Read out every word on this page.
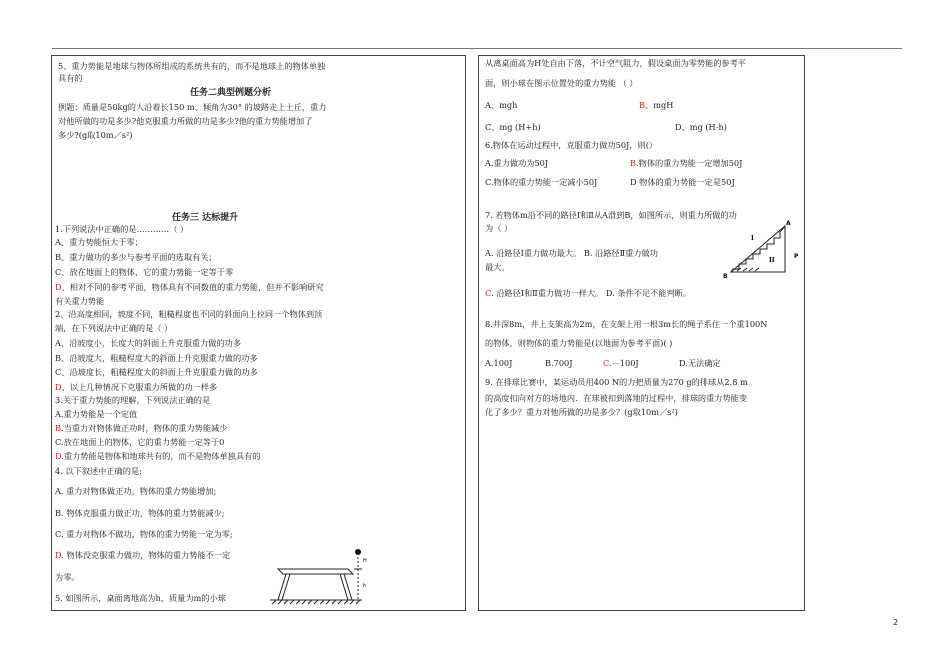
5、重力势能是地球与物体所组成的系统共有的，而不是地球上的物体单独
具有的
任务二典型例题分析
例题：质量是50kg的人沿着长150 m、倾角为30° 的坡路走上土丘，重力
对他所做的功是多少?他克服重力所做的功是多少?他的重力势能增加了
多少?(g取10m／s²)
任务三 达标提升
1.下列说法中正确的是…………（ ）
A、重力势能恒大于零；
B、重力做功的多少与参考平面的选取有关；
C、放在地面上的物体，它的重力势能一定等于零
D、相对不同的参考平面，物体具有不同数值的重力势能，但并不影响研究
有关重力势能
2、沿高度相同，坡度不同，粗糙程度也不同的斜面向上拉同一个物体到顶
端，在下列说法中正确的是（ ）
A、沿坡度小，长度大的斜面上升克服重力做的功多
B、沿坡度大，粗糙程度大的斜面上升克服重力做的功多
C、沿坡度长，粗糙程度大的斜面上升克服重力做的功多
D、以上几种情况下克服重力所做的功一样多
3.关于重力势能的理解，下列说法正确的是
A.重力势能是一个定值
B.当重力对物体做正功时，物体的重力势能减少
C.放在地面上的物体，它的重力势能一定等于0
D.重力势能是物体和地球共有的，而不是物体单独具有的
4. 以下叙述中正确的是:
A. 重力对物体做正功，物体的重力势能增加;
B. 物体克服重力做正功，物体的重力势能减少;
C. 重力对物体不做功，物体的重力势能一定为零;
D. 物体没克服重力做功，物体的重力势能不一定
为零。
5. 如图所示，桌面离地高为h，质量为m的小球
H
h
从离桌面高为H处自由下落，不计空气阻力，假设桌面为零势能的参考平
面，则小球在图示位置处的重力势能 （ ）
A、mgh	B、mgH
C、mg (H+h)	D、mg (H-h)
6.物体在运动过程中，克服重力做功50J，则(）
A.重力做功为50J	B.物体的重力势能一定增加50J
C.物体的重力势能一定减小50J	D 物体的重力势能一定是50J
7. 若物体m沿不同的路径Ⅰ和Ⅱ从A滑到B，如图所示，则重力所做的功
为（ ）
A. 沿路径Ⅰ重力做功最大。 B. 沿路径Ⅱ重力做功
最大。
A
B
I
II
P
C. 沿路径Ⅰ和Ⅱ重力做功一样大。 D. 条件不足不能判断。
8.井深8m，井上支架高为2m，在支架上用一根3m长的绳子系住一个重100N
的物体，则物体的重力势能是(以地面为参考平面)( )
A.100J	B.700J	C.－100J	D.无法确定
9. 在排球比赛中，某运动员用400 N的力把质量为270 g的排球从2.8 m
的高度扣向对方的场地内．在球被扣到落地的过程中，排球的重力势能变
化了多少？重力对他所做的功是多少？(g取10m／s²)
2
